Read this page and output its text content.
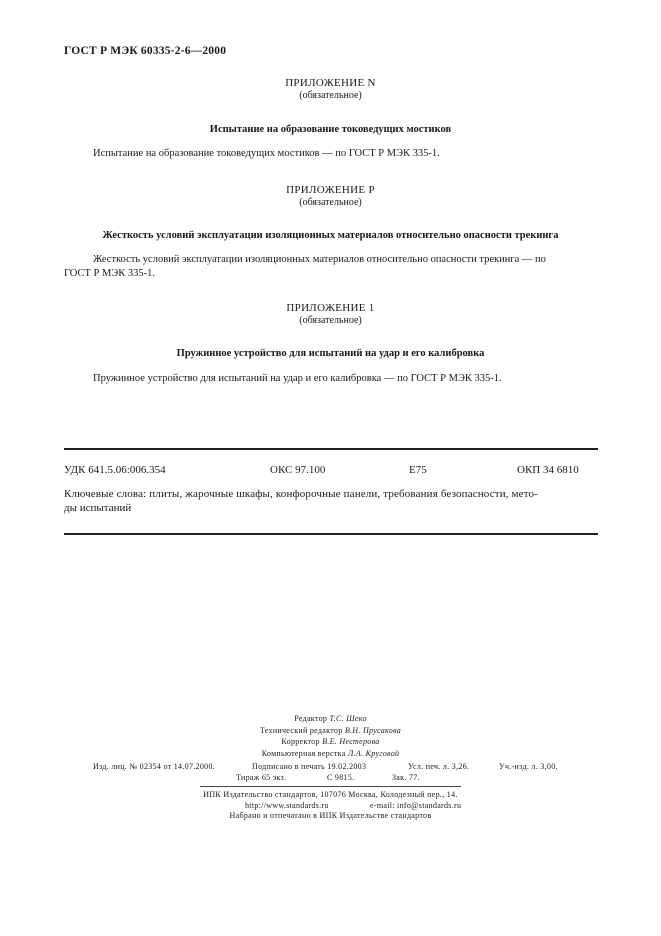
ГОСТ Р МЭК 60335-2-6—2000
ПРИЛОЖЕНИЕ N
(обязательное)
Испытание на образование токоведущих мостиков
Испытание на образование токоведущих мостиков — по ГОСТ Р МЭК 335-1.
ПРИЛОЖЕНИЕ Р
(обязательное)
Жесткость условий эксплуатации изоляционных материалов относительно опасности трекинга
Жесткость условий эксплуатации изоляционных материалов относительно опасности трекинга — по
ГОСТ Р МЭК 335-1.
ПРИЛОЖЕНИЕ 1
(обязательное)
Пружинное устройство для испытаний на удар и его калибровка
Пружинное устройство для испытаний на удар и его калибровка — по ГОСТ Р МЭК 335-1.
УДК 641.5.06:006.354	ОКС 97.100	Е75	ОКП 34 6810
Ключевые слова: плиты, жарочные шкафы, конфорочные панели, требования безопасности, мето-
ды испытаний
Редактор Т.С. Шеко
Технический редактор В.Н. Прусакова
Корректор В.Е. Нестерова
Компьютерная верстка Л.А. Круговой
Изд. лиц. № 02354 от 14.07.2000.	Подписано в печать 19.02.2003	Усл. печ. л. 3,26.	Уч.-изд. л. 3,00.
Тираж 65 экз.	С 9815.	Зак. 77.
ИПК Издательство стандартов, 107076 Москва, Колодезный пер., 14.
http://www.standards.ru	e-mail: info@standards.ru
Набрано и отпечатано в ИПК Издательстве стандартов
